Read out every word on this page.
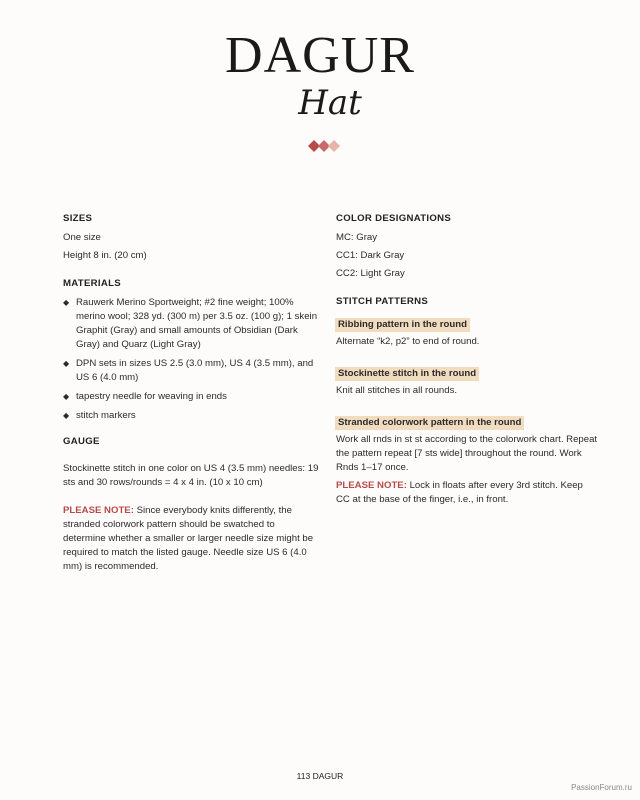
DAGUR
Hat
SIZES

One size

Height 8 in. (20 cm)

MATERIALS
◆ Rauwerk Merino Sportweight; #2 fine weight; 100% merino wool; 328 yd. (300 m) per 3.5 oz. (100 g); 1 skein Graphit (Gray) and small amounts of Obsidian (Dark Gray) and Quarz (Light Gray)
◆ DPN sets in sizes US 2.5 (3.0 mm), US 4 (3.5 mm), and US 6 (4.0 mm)
◆ tapestry needle for weaving in ends
◆ stitch markers
GAUGE

Stockinette stitch in one color on US 4 (3.5 mm) needles: 19 sts and 30 rows/rounds = 4 x 4 in. (10 x 10 cm)

PLEASE NOTE: Since everybody knits differently, the stranded colorwork pattern should be swatched to determine whether a smaller or larger needle size might be required to match the listed gauge. Needle size US 6 (4.0 mm) is recommended.

COLOR DESIGNATIONS

MC: Gray

CC1: Dark Gray

CC2: Light Gray

STITCH PATTERNS
Ribbing pattern in the round

Alternate “k2, p2” to end of round.

Stockinette stitch in the round

Knit all stitches in all rounds.

Stranded colorwork pattern in the round

Work all rnds in st st according to the colorwork chart. Repeat the pattern repeat [7 sts wide] throughout the round. Work Rnds 1–17 once.

PLEASE NOTE: Lock in floats after every 3rd stitch. Keep CC at the base of the finger, i.e., in front.

113 DAGUR
PassionForum.ru
